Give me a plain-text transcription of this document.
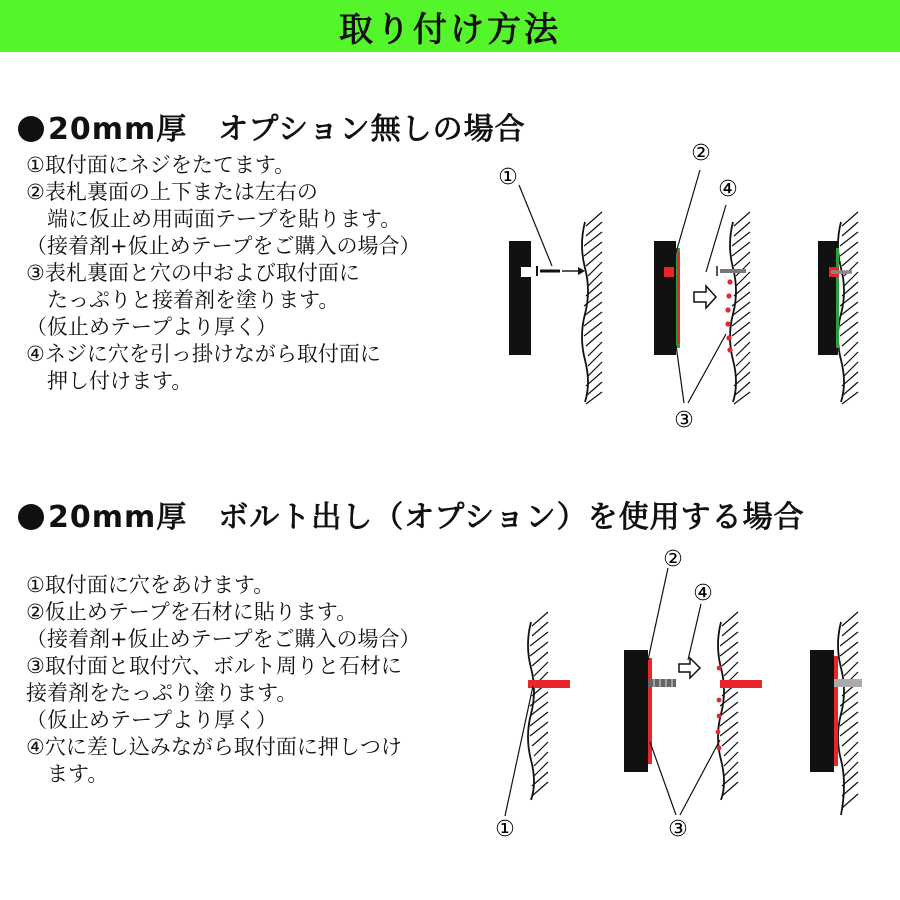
取り付け方法
20mm厚　オプション無しの場合
①取付面にネジをたてます。
②表札裏面の上下または左右の
　端に仮止め用両面テープを貼ります。
（接着剤+仮止めテープをご購入の場合）
③表札裏面と穴の中および取付面に
　たっぷりと接着剤を塗ります。
（仮止めテープより厚く）
④ネジに穴を引っ掛けながら取付面に
　押し付けます。
①
②
④
③
20mm厚　ボルト出し（オプション）を使用する場合
①取付面に穴をあけます。
②仮止めテープを石材に貼ります。
（接着剤+仮止めテープをご購入の場合）
③取付面と取付穴、ボルト周りと石材に
接着剤をたっぷり塗ります。
（仮止めテープより厚く）
④穴に差し込みながら取付面に押しつけ
　ます。
②
④
①	③
